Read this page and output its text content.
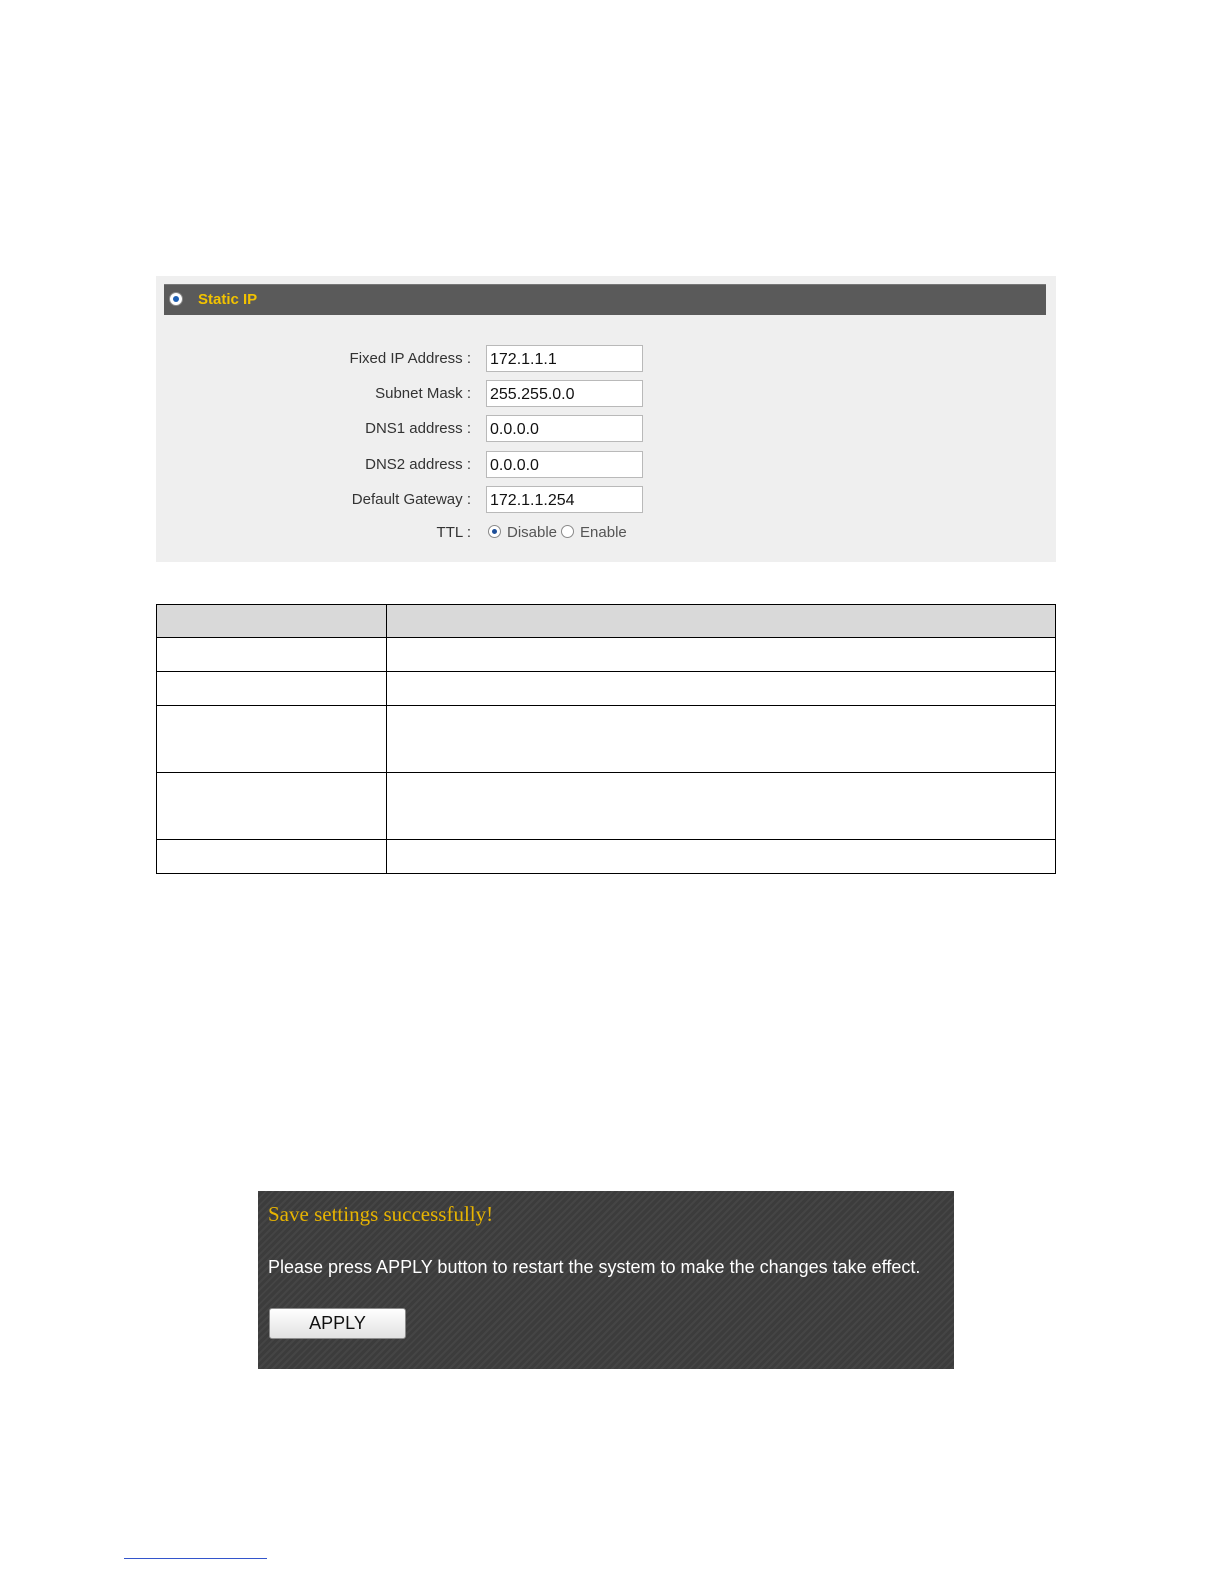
Static IP
Fixed IP Address :
172.1.1.1
Subnet Mask :
255.255.0.0
DNS1 address :
0.0.0.0
DNS2 address :
0.0.0.0
Default Gateway :
172.1.1.254
TTL : Disable Enable

Save settings successfully!
Please press APPLY button to restart the system to make the changes take effect.
APPLY
